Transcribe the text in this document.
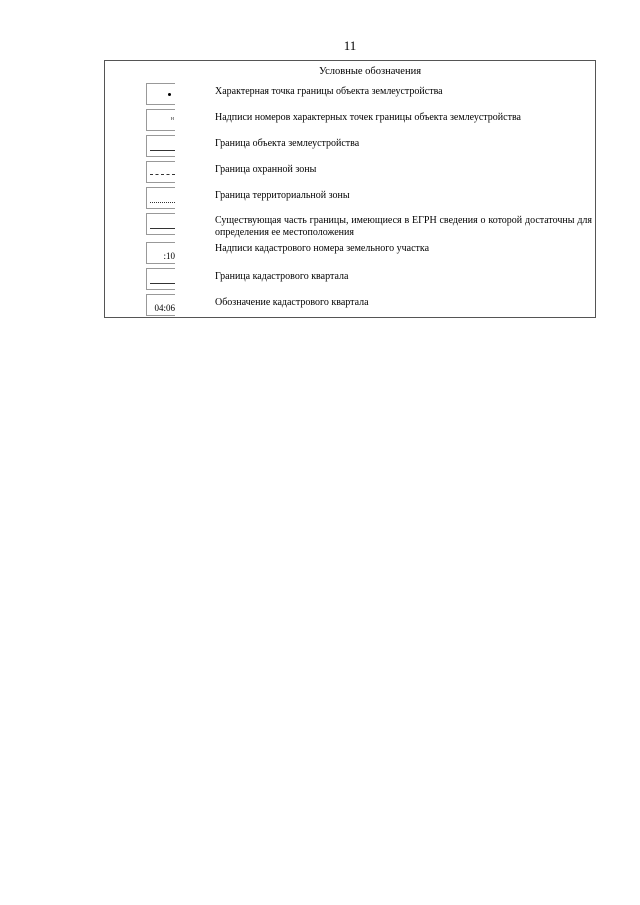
11
Условные обозначения
Характерная точка границы объекта землеустройства
н	Надписи номеров характерных точек границы объекта землеустройства
Граница объекта землеустройства
Граница охранной зоны
Граница территориальной зоны
Существующая часть границы, имеющиеся в ЕГРН сведения о которой достаточны для определения ее местоположения
:10
Надписи кадастрового номера земельного участка
Граница кадастрового квартала
04:06	Обозначение кадастрового квартала
